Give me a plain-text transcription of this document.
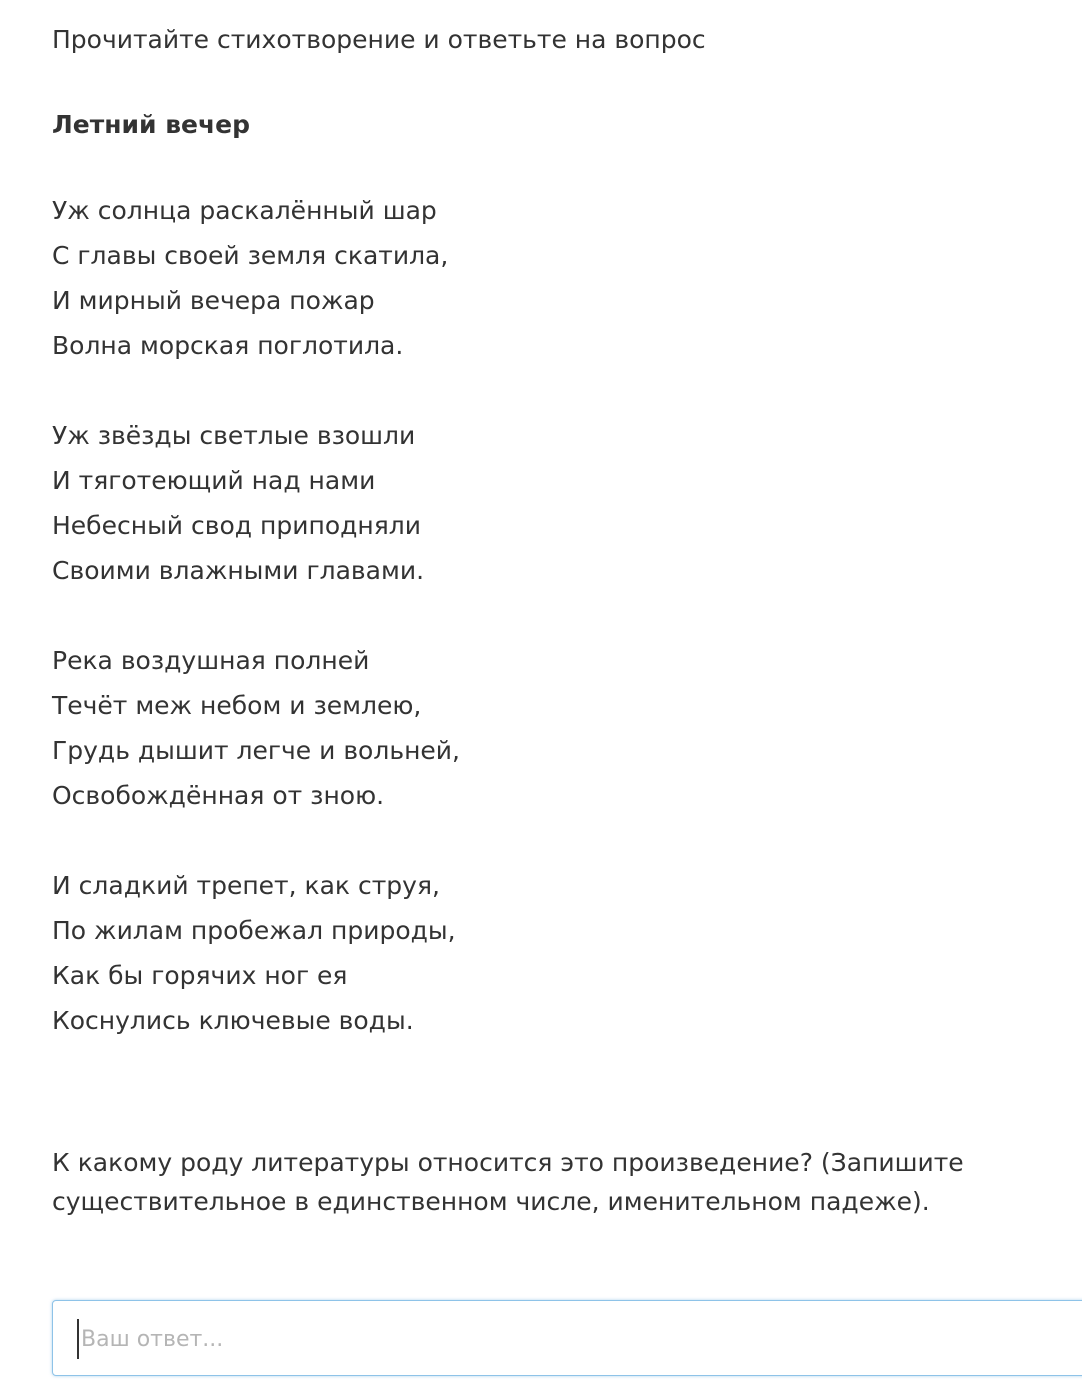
Прочитайте стихотворение и ответьте на вопрос
Летний вечер
Уж солнца раскалённый шар
С главы своей земля скатила,
И мирный вечера пожар
Волна морская поглотила.
Уж звёзды светлые взошли
И тяготеющий над нами
Небесный свод приподняли
Своими влажными главами.
Река воздушная полней
Течёт меж небом и землею,
Грудь дышит легче и вольней,
Освобождённая от зною.
И сладкий трепет, как струя,
По жилам пробежал природы,
Как бы горячих ног ея
Коснулись ключевые воды.
К какому роду литературы относится это произведение? (Запишите существительное в единственном числе, именительном падеже).
Ваш ответ...
